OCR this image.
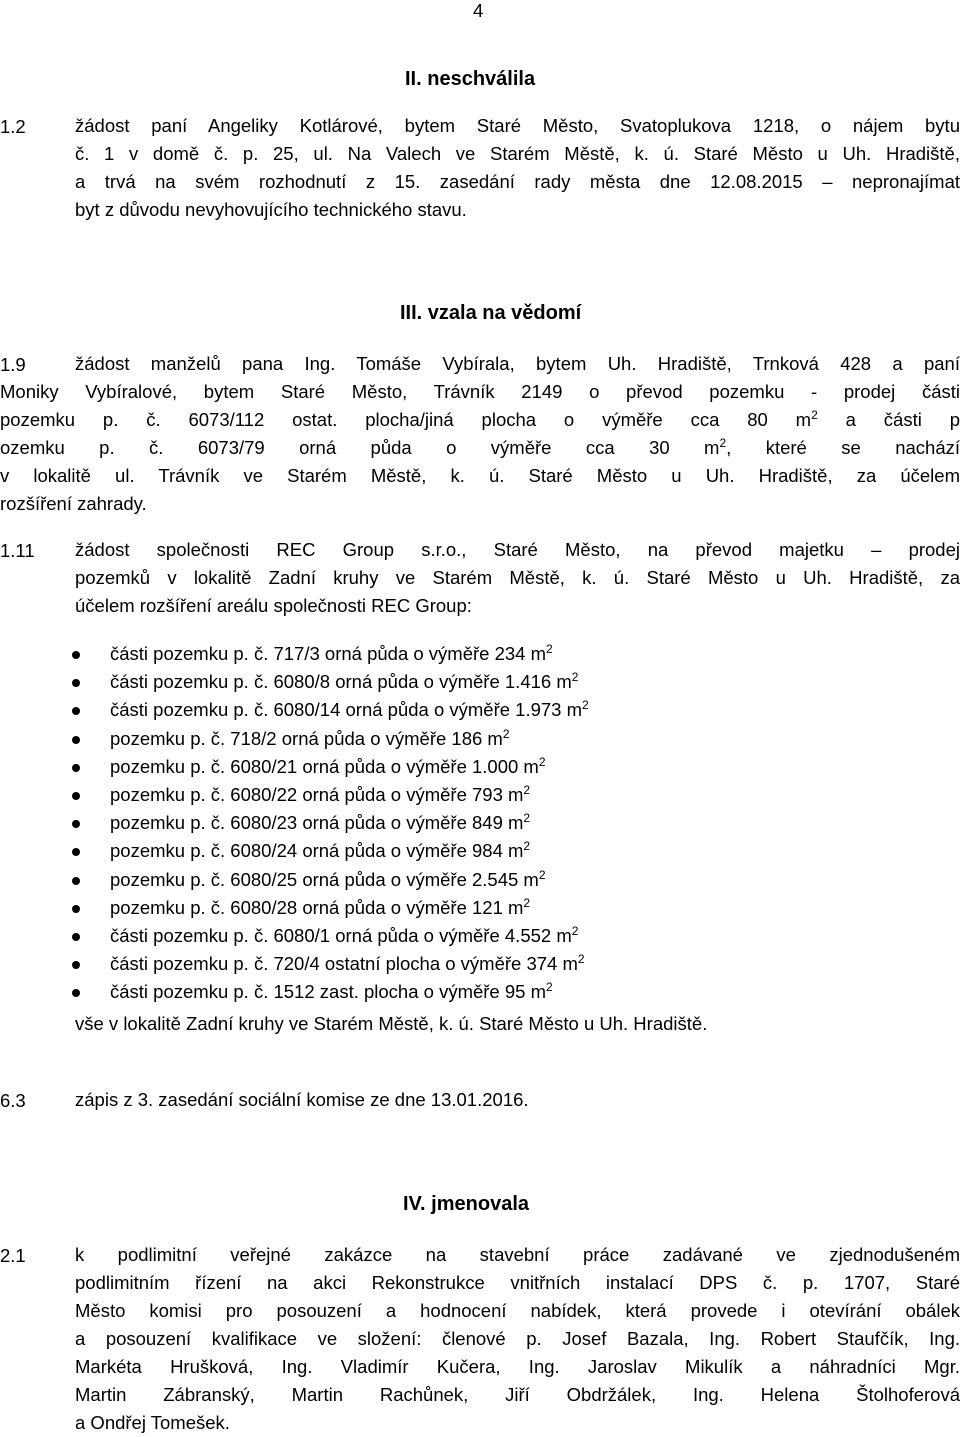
4
II. neschválila
1.2	žádost paní Angeliky Kotlárové, bytem Staré Město, Svatoplukova 1218, o nájem bytu
č. 1 v domě č. p. 25, ul. Na Valech ve Starém Městě, k. ú. Staré Město u Uh. Hradiště,
a trvá na svém rozhodnutí z 15. zasedání rady města dne 12.08.2015 – nepronajímat
byt z důvodu nevyhovujícího technického stavu.
III. vzala na vědomí
1.9	žádost manželů pana Ing. Tomáše Vybírala, bytem Uh. Hradiště, Trnková 428 a paní
Moniky Vybíralové, bytem Staré Město, Trávník 2149 o převod pozemku - prodej části
pozemku p. č. 6073/112 ostat. plocha/jiná plocha o výměře cca 80 $m^2$ a části p
ozemku p. č. 6073/79 orná půda o výměře cca 30 $m^2$, které se nachází
v lokalitě ul. Trávník ve Starém Městě, k. ú. Staré Město u Uh. Hradiště, za účelem
rozšíření zahrady.
1.11 žádost společnosti REC Group s.r.o., Staré Město, na převod majetku – prodej
pozemků v lokalitě Zadní kruhy ve Starém Městě, k. ú. Staré Město u Uh. Hradiště, za
účelem rozšíření areálu společnosti REC Group:
části pozemku p. č. 717/3 orná půda o výměře 234 $m^2$
části pozemku p. č. 6080/8 orná půda o výměře 1.416 $m^2$
části pozemku p. č. 6080/14 orná půda o výměře 1.973 $m^2$
pozemku p. č. 718/2 orná půda o výměře 186 $m^2$
pozemku p. č. 6080/21 orná půda o výměře 1.000 $m^2$
pozemku p. č. 6080/22 orná půda o výměře 793 $m^2$
pozemku p. č. 6080/23 orná půda o výměře 849 $m^2$
pozemku p. č. 6080/24 orná půda o výměře 984 $m^2$
pozemku p. č. 6080/25 orná půda o výměře 2.545 $m^2$
pozemku p. č. 6080/28 orná půda o výměře 121 $m^2$
části pozemku p. č. 6080/1 orná půda o výměře 4.552 $m^2$
části pozemku p. č. 720/4 ostatní plocha o výměře 374 $m^2$
části pozemku p. č. 1512 zast. plocha o výměře 95 $m^2$
vše v lokalitě Zadní kruhy ve Starém Městě, k. ú. Staré Město u Uh. Hradiště.
6.3	zápis z 3. zasedání sociální komise ze dne 13.01.2016.
IV. jmenovala
2.1	k podlimitní veřejné zakázce na stavební práce zadávané ve zjednodušeném
podlimitním řízení na akci Rekonstrukce vnitřních instalací DPS č. p. 1707, Staré
Město komisi pro posouzení a hodnocení nabídek, která provede i otevírání obálek
a posouzení kvalifikace ve složení: členové p. Josef Bazala, Ing. Robert Staufčík, Ing.
Markéta Hrušková, Ing. Vladimír Kučera, Ing. Jaroslav Mikulík a náhradníci Mgr.
Martin Zábranský, Martin Rachůnek, Jiří Obdržálek, Ing. Helena Štolhoferová
a Ondřej Tomešek.
